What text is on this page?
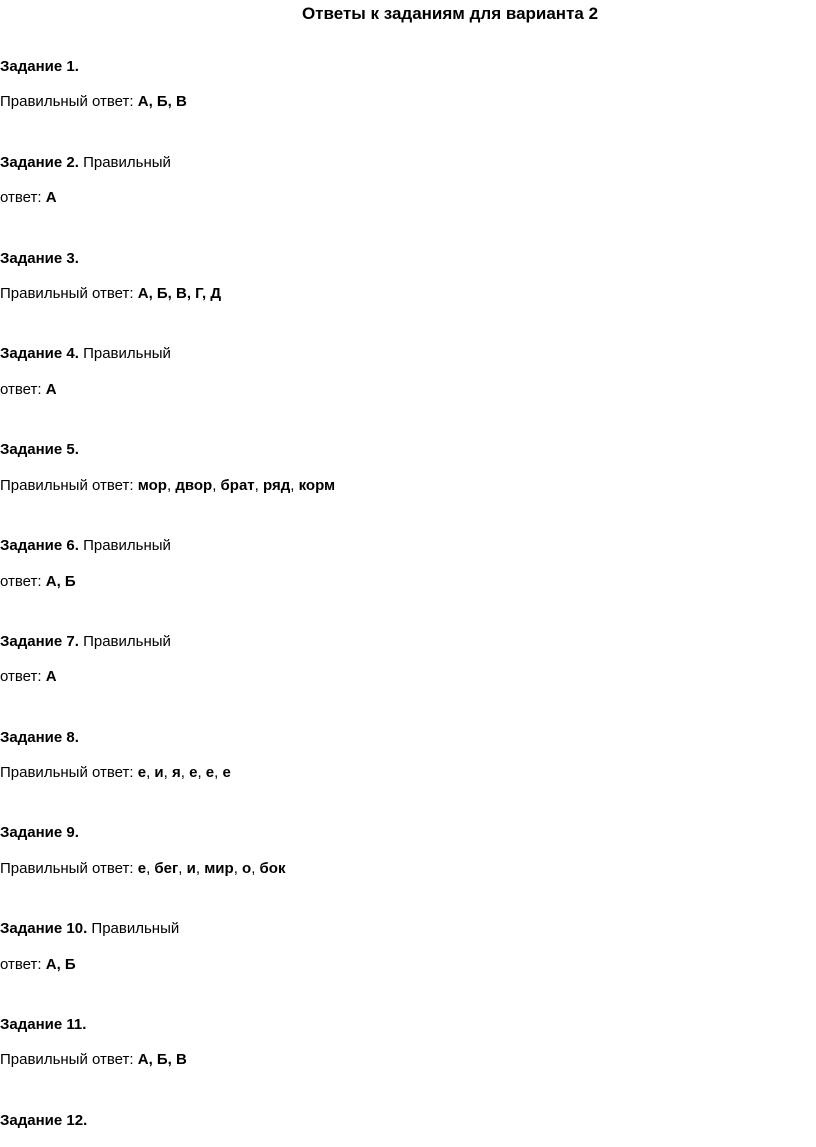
Ответы к заданиям для варианта 2

Задание 1.

Правильный ответ: А, Б, В

Задание 2. Правильный

ответ: А

Задание 3.

Правильный ответ: А, Б, В, Г, Д

Задание 4. Правильный

ответ: А

Задание 5.

Правильный ответ: мор, двор, брат, ряд, корм

Задание 6. Правильный

ответ: А, Б

Задание 7. Правильный

ответ: А

Задание 8.

Правильный ответ: е, и, я, е, е, е

Задание 9.

Правильный ответ: е, бег, и, мир, о, бок

Задание 10. Правильный

ответ: А, Б

Задание 11.

Правильный ответ: А, Б, В

Задание 12.
